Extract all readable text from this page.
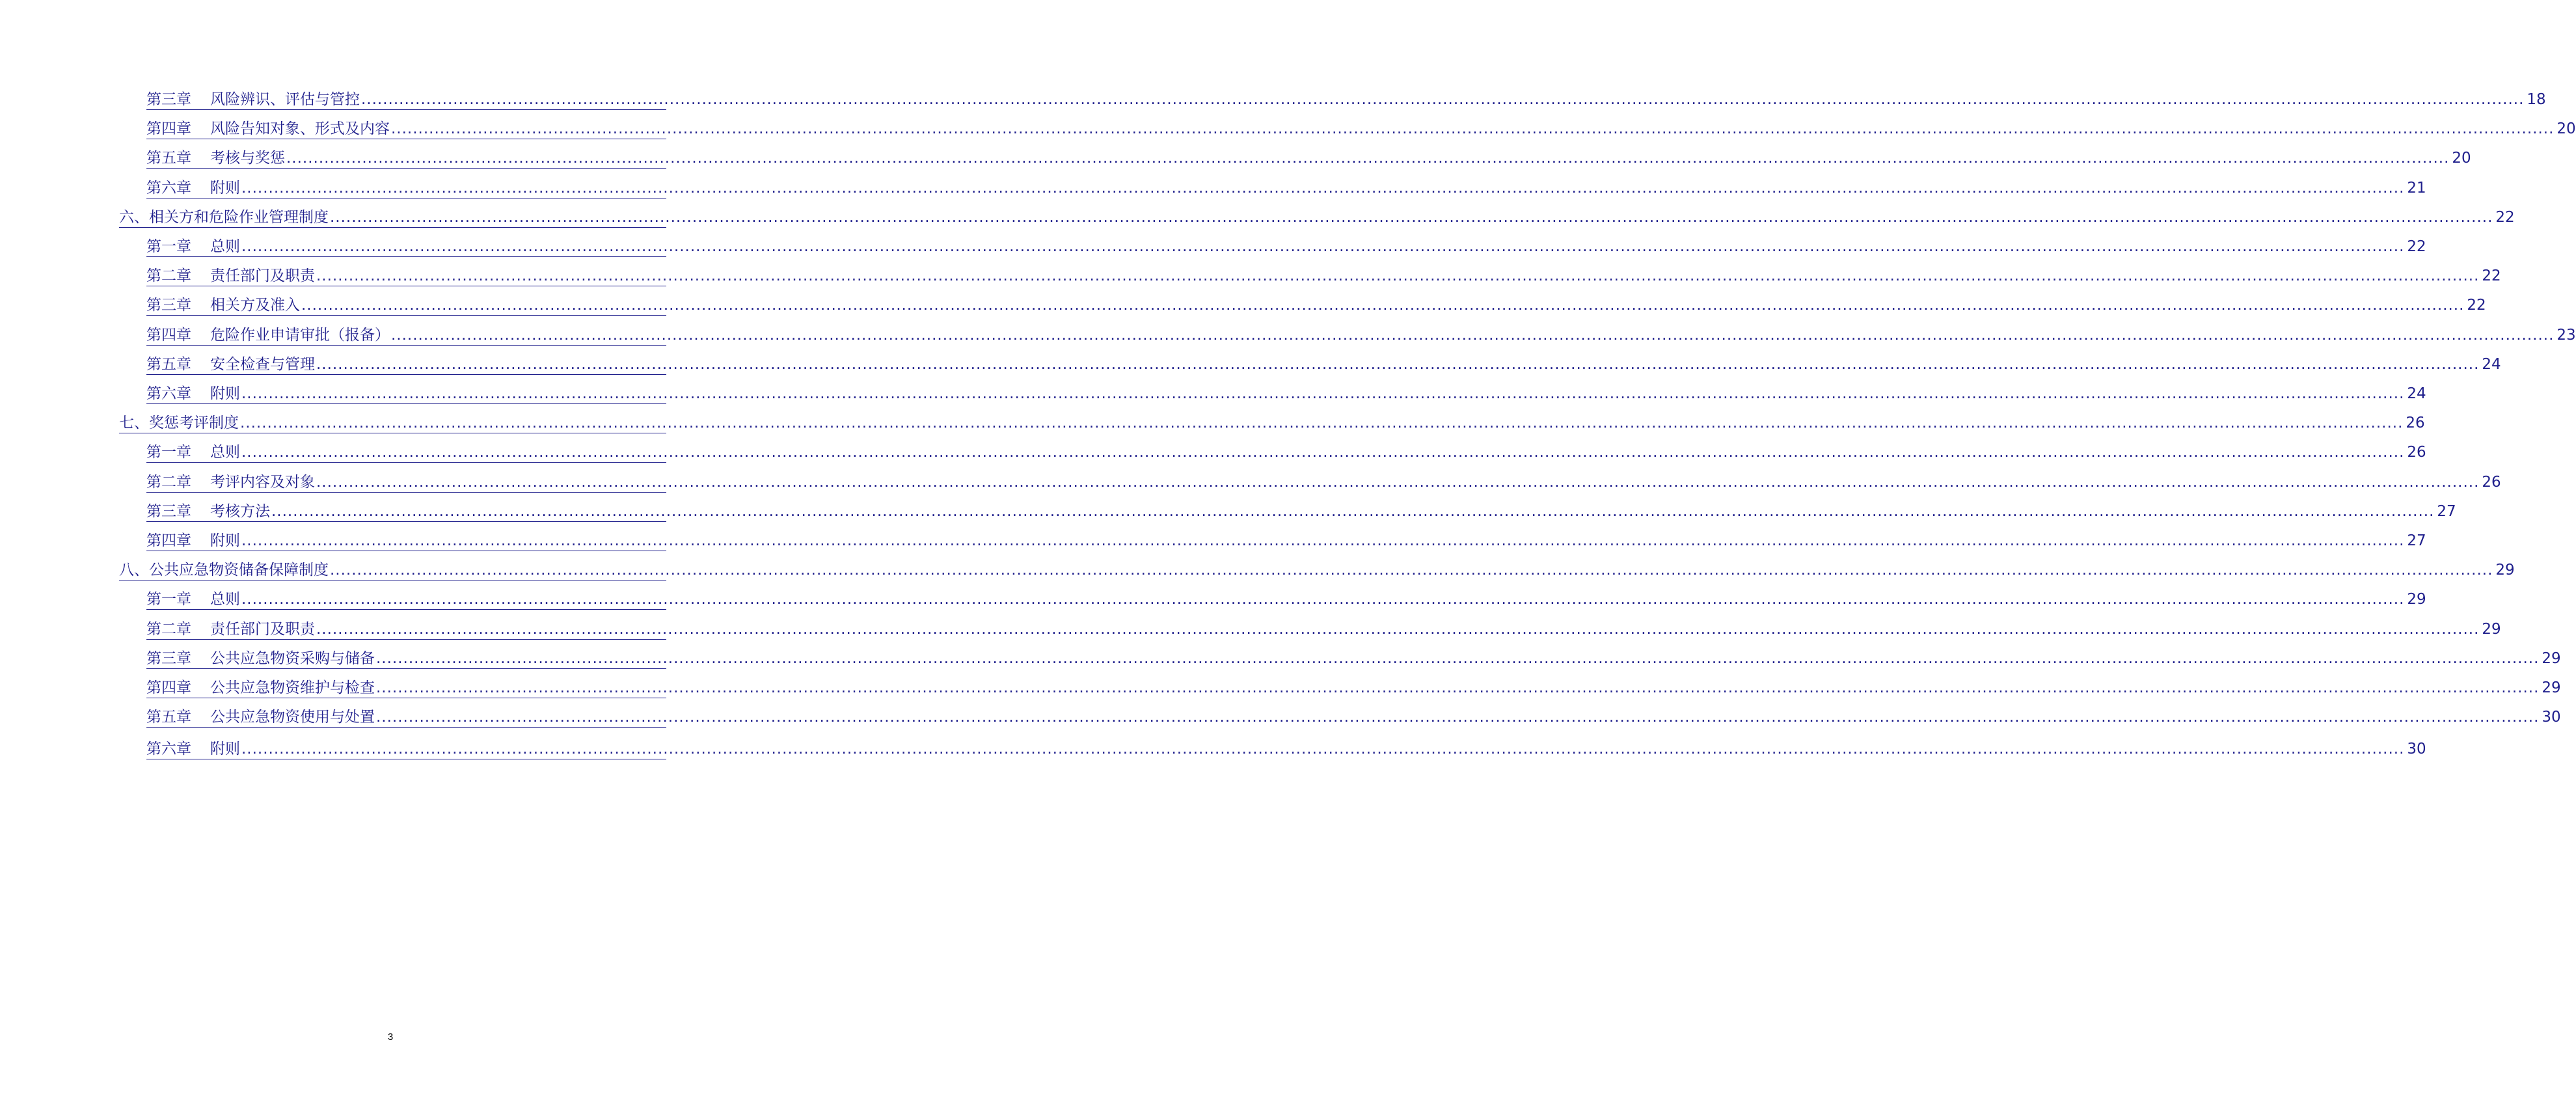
第三章 风险辨识、评估与管控 ................................................................................................................................................................................................................................................................................................................................................................................................................ 18
第四章 风险告知对象、形式及内容 ................................................................................................................................................................................................................................................................................................................................................................................................................ 20
第五章 考核与奖惩 ................................................................................................................................................................................................................................................................................................................................................................................................................ 20
第六章 附则 ................................................................................................................................................................................................................................................................................................................................................................................................................ 21
六、相关方和危险作业管理制度 ................................................................................................................................................................................................................................................................................................................................................................................................................ 22
第一章 总则 ................................................................................................................................................................................................................................................................................................................................................................................................................ 22
第二章 责任部门及职责 ................................................................................................................................................................................................................................................................................................................................................................................................................ 22
第三章 相关方及准入 ................................................................................................................................................................................................................................................................................................................................................................................................................ 22
第四章 危险作业申请审批（报备） ................................................................................................................................................................................................................................................................................................................................................................................................................ 23
第五章 安全检查与管理 ................................................................................................................................................................................................................................................................................................................................................................................................................ 24
第六章 附则 ................................................................................................................................................................................................................................................................................................................................................................................................................ 24
七、奖惩考评制度 ................................................................................................................................................................................................................................................................................................................................................................................................................ 26
第一章 总则 ................................................................................................................................................................................................................................................................................................................................................................................................................ 26
第二章 考评内容及对象 ................................................................................................................................................................................................................................................................................................................................................................................................................ 26
第三章 考核方法 ................................................................................................................................................................................................................................................................................................................................................................................................................ 27
第四章 附则 ................................................................................................................................................................................................................................................................................................................................................................................................................ 27
八、公共应急物资储备保障制度 ................................................................................................................................................................................................................................................................................................................................................................................................................ 29
第一章 总则 ................................................................................................................................................................................................................................................................................................................................................................................................................ 29
第二章 责任部门及职责 ................................................................................................................................................................................................................................................................................................................................................................................................................ 29
第三章 公共应急物资采购与储备 ................................................................................................................................................................................................................................................................................................................................................................................................................ 29
第四章 公共应急物资维护与检查 ................................................................................................................................................................................................................................................................................................................................................................................................................ 29
第五章 公共应急物资使用与处置 ................................................................................................................................................................................................................................................................................................................................................................................................................ 30
第六章 附则 ................................................................................................................................................................................................................................................................................................................................................................................................................ 30
3
